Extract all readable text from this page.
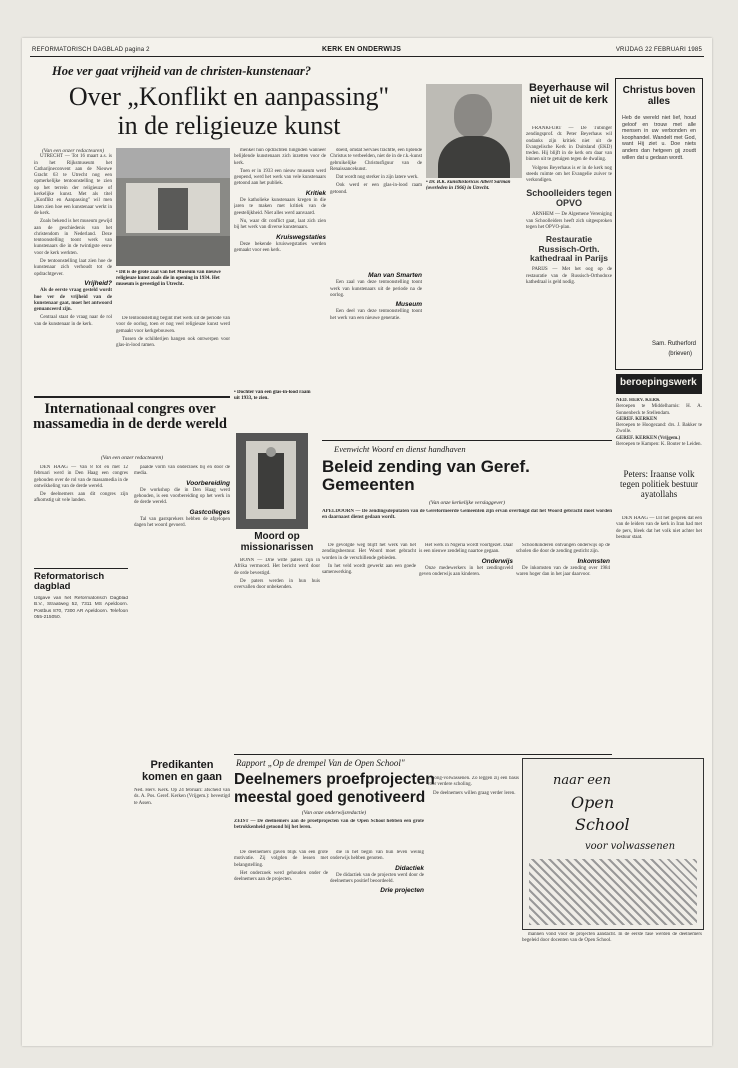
REFORMATORISCH DAGBLAD pagina 2	KERK EN ONDERWIJS	VRIJDAG 22 FEBRUARI 1985
Hoe ver gaat vrijheid van de christen-kunstenaar?
Over „Konflikt en aanpassing"
in de religieuze kunst
(Van een onzer redacteuren)

UTRECHT — Tot 16 maart a.s. is in het Rijksmuseum het Catharijneconvent aan de Nieuwe Gracht 63 te Utrecht nog een opmerkelijke tentoonstelling te zien op het terrein der religieuze of kerkelijke kunst. Met als titel „Konflikt en Aanpassing" wil men laten zien hoe een kunstenaar werkt in de kerk.

Zoals bekend is het museum gewijd aan de geschiedenis van het christendom in Nederland. Deze tentoonstelling toont werk van kunstenaars die in de twintigste eeuw voor de kerk werkten.

De tentoonstelling laat zien hoe de kunstenaar zich verhoudt tot de opdrachtgever.

Vrijheid?

Als de eerste vraag gesteld wordt hoe ver de vrijheid van de kunstenaar gaat, moet het antwoord genuanceerd zijn.

Centraal staat de vraag naar de rol van de kunstenaar in de kerk.

• Dit is de grote zaal van het Museum van nieuwe religieuze kunst zoals die in opening in 1934. Het museum is gevestigd in Utrecht.

De tentoonstelling begint met werk uit de periode van voor de oorlog, toen er nog veel religieuze kunst werd gemaakt voor kerkgebouwen.

Tussen de schilderijen hangen ook ontwerpen voor glas-in-lood ramen.

menkel hun opdrachten hingnden wanneer belijdende kunstenaars zich inzetten voor de kerk.

Toen er in 1933 een nieuw museum werd geopend, werd het werk van vele kunstenaars getoond aan het publiek.

Kritiek

De katholieke kunstenaars kregen in die jaren te maken met kritiek van de geestelijkheid. Niet alles werd aanvaard.

Nu, waar dit conflict gaat, laat zich zien bij het werk van diverse kunstenaars.

Kruiswegstaties

Deze bekende kruiswegstaties werden gemaakt voor een kerk.

doeld, omdat Servaes trachtte, een lijdende Christus te verbeelden, niet de in de r.k.-kunst gebruikelijke Christusfiguur van de Renaissancekunst.

Dat wordt nog sterker in zijn latere werk.

Ook werd er een glas-in-lood raam getoond.

• Dochter van een glas-in-lood raam uit 1933, te zien.
Man van Smarten

Een zaal van deze tentoonstelling toont werk van kunstenaars uit de periode na de oorlog.

Museum

Een deel van deze tentoonstelling toont het werk van een nieuwe generatie.

• Dr. B.K. kunsthistoricus Albert Sarman (overleden in 1966) in Utrecht.
Beyerhause wil niet uit de kerk

FRANKFURT — De Tübinger zendingsprof. dr. Peter Beyerhaus wil ondanks zijn kritiek niet uit de Evangelische Kerk in Duitsland (EKD) treden. Hij blijft in de kerk om daar van binnen uit te getuigen tegen de dwaling.

Volgens Beyerhaus is er in de kerk nog steeds ruimte om het Evangelie zuiver te verkondigen.

Schoolleiders tegen OPVO

ARNHEM — De Algemene Vereniging van Schoolleiders heeft zich uitgesproken tegen het OPVO-plan.

Restauratie Russisch-Orth. kathedraal in Parijs

PARIJS — Met het oog op de restauratie van de Russisch-Orthodoxe kathedraal is geld nodig.

Christus boven alles
Heb de wereld niet lief, houd geloof en trouw met alle mensen in uw verbonden en koophandel. Wandelt met God, want Hij ziet u. Doe niets anders dan hetgeen gij zoudt willen dat u gedaan wordt.
Sam. Rutherford
(brieven)
beroepingswerk
NED. HERV. KERK
Beroepen te Middelharnis: H. A. Sonnenbeck te Stellendam.
GEREF. KERKEN
Beroepen te Hoogezand: drs. J. Bakker te Zwolle.
GEREF. KERKEN (Vrijgem.)
Beroepen te Kampen: K. Bouter te Leiden.
Peters: Iraanse volk tegen politiek bestuur ayatollahs

DEN HAAG — Uit het gesprek dat een van de leiders van de kerk in Iran had met de pers, bleek dat het volk niet achter het bestuur staat.

Evenwicht Woord en dienst handhaven
Beleid zending van Geref. Gemeenten
(Van onze kerkelijke verslaggever)
APELDOORN — De zendingsdeputaten van de Gereformeerde Gemeenten zijn ervan overtuigd dat het Woord gebracht moet worden en daarnaast dienst gedaan wordt.

De gevolgde weg blijft het werk van het zendingsbestuur. Het Woord moet gebracht worden in de verschillende gebieden.

In het veld wordt gewerkt aan een goede samenwerking.

Het werk in Nigeria wordt voortgezet. Daar is een nieuwe zendeling naartoe gegaan.

Onderwijs

Onze medewerkers in het zendingsveld geven onderwijs aan kinderen.

Schoolkinderen ontvangen onderwijs op de scholen die door de zending gesticht zijn.

Inkomsten

De inkomsten van de zending over 1984 waren hoger dan in het jaar daarvoor.

Moord op missionarissen

BONN — Drie witte paters zijn in Afrika vermoord. Het bericht werd door de orde bevestigd.

De paters werden in hun huis overvallen door onbekenden.

Internationaal congres over massamedia in de derde wereld
(Van een onzer redacteuren)

DEN HAAG — Van 8 tot en met 12 februari werd in Den Haag een congres gehouden over de rol van de massamedia in de ontwikkeling van de derde wereld.

De deelnemers aan dit congres zijn afkomstig uit vele landen.

paalde vorm van onderzoek bij en door de media.

Voorbereiding

De workshop die in Den Haag werd gehouden, is een voorbereiding op het werk in de derde wereld.

Gastcolleges

Tal van gastsprekers hebben de afgelopen dagen het woord gevoerd.

Reformatorisch dagblad
Uitgave van het Reformatorisch Dagblad B.V., Straatweg 52, 7311 MS Apeldoorn. Postbus 870, 7300 AR Apeldoorn. Telefoon 055-215050.
Predikanten komen en gaan
Ned. Herv. Kerk. Op 24 februari: afscheid van ds. A. Pos. Geref. Kerken (Vrijgem.): bevestigd te Assen.
Rapport „Op de drempel Van de Open School"
Deelnemers proefprojecten
meestal goed genotiveerd
(Van onze onderwijsredactie)
ZEIST — De deelnemers aan de proefprojecten van de Open School hebben een grote betrokkenheid getoond bij het leren.

De deelnemers gaven blijk van een grote motivatie. Zij volgden de lessen met belangstelling.

Het onderzoek werd gehouden onder de deelnemers aan de projecten.

die in het begin van hun leven weinig onderwijs hebben genoten.

Didactiek

De didactiek van de projecten werd door de deelnemers positief beoordeeld.

Drie projecten

jong-volwassenen. Zo leggen zij een basis voor verdere scholing.

De deelnemers willen graag verder leren.

naar een
Open
School
voor volwassenen

mannen vond voor de projecten aandacht. In de eerste fase werden de deelnemers begeleid door docenten van de Open School.
